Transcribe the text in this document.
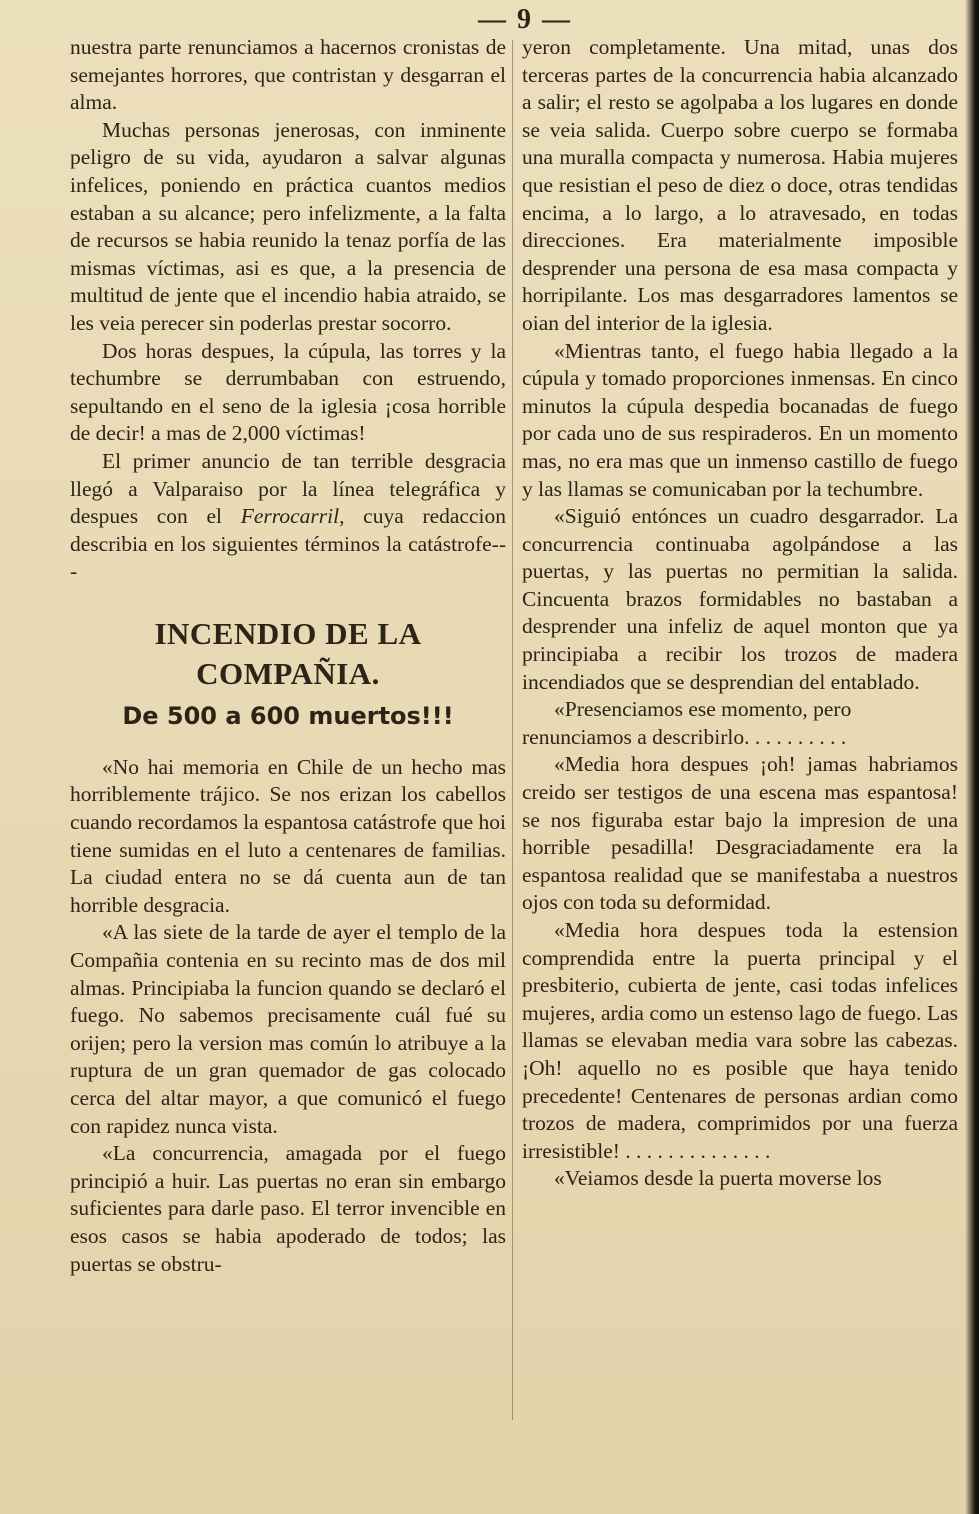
— 9 —

nuestra parte renunciamos a hacernos cronistas de semejantes horrores, que contristan y desgarran el alma.

Muchas personas jenerosas, con inminente peligro de su vida, ayudaron a salvar algunas infelices, poniendo en práctica cuantos medios estaban a su alcance; pero infelizmente, a la falta de recursos se habia reunido la tenaz porfía de las mismas víctimas, asi es que, a la presencia de multitud de jente que el incendio habia atraido, se les veia perecer sin poderlas prestar socorro.

Dos horas despues, la cúpula, las torres y la techumbre se derrumbaban con estruendo, sepultando en el seno de la iglesia ¡cosa horrible de decir! a mas de 2,000 víctimas!

El primer anuncio de tan terrible desgracia llegó a Valparaiso por la línea telegráfica y despues con el Ferrocarril, cuya redaccion describia en los siguientes términos la catástrofe---

INCENDIO DE LA COMPAÑIA.
De 500 a 600 muertos!!!

«No hai memoria en Chile de un hecho mas horriblemente trájico. Se nos erizan los cabellos cuando recordamos la espantosa catástrofe que hoi tiene sumidas en el luto a centenares de familias. La ciudad entera no se dá cuenta aun de tan horrible desgracia.

«A las siete de la tarde de ayer el templo de la Compañia contenia en su recinto mas de dos mil almas. Principiaba la funcion quando se declaró el fuego. No sabemos precisamente cuál fué su orijen; pero la version mas común lo atribuye a la ruptura de un gran quemador de gas colocado cerca del altar mayor, a que comunicó el fuego con rapidez nunca vista.

«La concurrencia, amagada por el fuego principió a huir. Las puertas no eran sin embargo suficientes para darle paso. El terror invencible en esos casos se habia apoderado de todos; las puertas se obstru-

yeron completamente. Una mitad, unas dos terceras partes de la concurrencia habia alcanzado a salir; el resto se agolpaba a los lugares en donde se veia salida. Cuerpo sobre cuerpo se formaba una muralla compacta y numerosa. Habia mujeres que resistian el peso de diez o doce, otras tendidas encima, a lo largo, a lo atravesado, en todas direcciones. Era materialmente imposible desprender una persona de esa masa compacta y horripilante. Los mas desgarradores lamentos se oian del interior de la iglesia.

«Mientras tanto, el fuego habia llegado a la cúpula y tomado proporciones inmensas. En cinco minutos la cúpula despedia bocanadas de fuego por cada uno de sus respiraderos. En un momento mas, no era mas que un inmenso castillo de fuego y las llamas se comunicaban por la techumbre.

«Siguió entónces un cuadro desgarrador. La concurrencia continuaba agolpándose a las puertas, y las puertas no permitian la salida. Cincuenta brazos formidables no bastaban a desprender una infeliz de aquel monton que ya principiaba a recibir los trozos de madera incendiados que se desprendian del entablado.

«Presenciamos ese momento, pero renunciamos a describirlo. . . . . . . . . .

«Media hora despues ¡oh! jamas habriamos creido ser testigos de una escena mas espantosa! se nos figuraba estar bajo la impresion de una horrible pesadilla! Desgraciadamente era la espantosa realidad que se manifestaba a nuestros ojos con toda su deformidad.

«Media hora despues toda la estension comprendida entre la puerta principal y el presbiterio, cubierta de jente, casi todas infelices mujeres, ardia como un estenso lago de fuego. Las llamas se elevaban media vara sobre las cabezas. ¡Oh! aquello no es posible que haya tenido precedente! Centenares de personas ardian como trozos de madera, comprimidos por una fuerza irresistible! . . . . . . . . . . . . . .

«Veiamos desde la puerta moverse los
